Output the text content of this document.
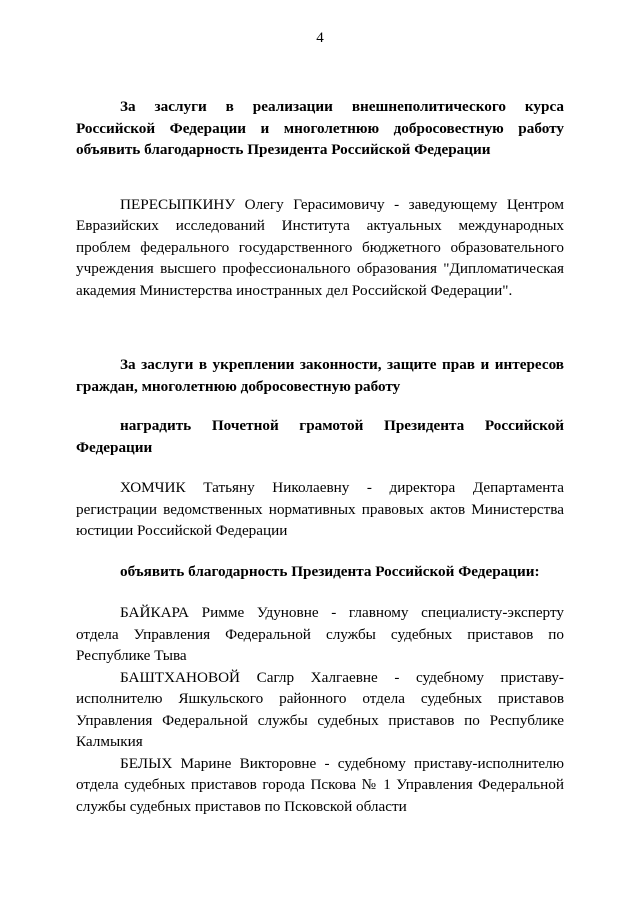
4

За заслуги в реализации внешнеполитического курса Российской Федерации и многолетнюю добросовестную работу объявить благодарность Президента Российской Федерации

ПЕРЕСЫПКИНУ Олегу Герасимовичу - заведующему Центром Евразийских исследований Института актуальных международных проблем федерального государственного бюджетного образовательного учреждения высшего профессионального образования "Дипломатическая академия Министерства иностранных дел Российской Федерации".

За заслуги в укреплении законности, защите прав и интересов граждан, многолетнюю добросовестную работу

наградить Почетной грамотой Президента Российской Федерации

ХОМЧИК Татьяну Николаевну - директора Департамента регистрации ведомственных нормативных правовых актов Министерства юстиции Российской Федерации

объявить благодарность Президента Российской Федерации:

БАЙКАРА Римме Удуновне - главному специалисту-эксперту отдела Управления Федеральной службы судебных приставов по Республике Тыва

БАШТХАНОВОЙ Саглр Халгаевне - судебному приставу-исполнителю Яшкульского районного отдела судебных приставов Управления Федеральной службы судебных приставов по Республике Калмыкия

БЕЛЫХ Марине Викторовне - судебному приставу-исполнителю отдела судебных приставов города Пскова № 1 Управления Федеральной службы судебных приставов по Псковской области
